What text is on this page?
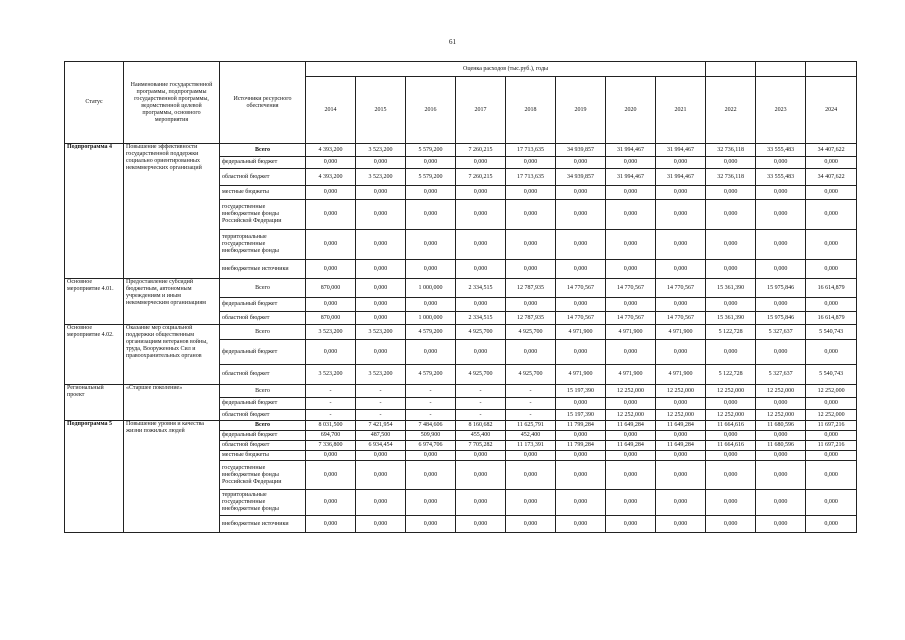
61
Статус	Наименование государственной программы, подпрограммы государственной программы, ведомственной целевой программы, основного мероприятия	Источники ресурсного обеспечения	Оценка расходов (тыс.руб.), годы										
			2014	2015	2016	2017	2018	2019	2020	2021	2022	2023	2024
Подпрограмма 4	Повышение эффективности государственной поддержки социально ориентированных некоммерческих организаций	Всего	4 393,200	3 523,200	5 579,200	7 260,215	17 713,635	34 939,857	31 994,467	31 994,467	32 736,118	33 555,483	34 407,622
		федеральный бюджет	0,000	0,000	0,000	0,000	0,000	0,000	0,000	0,000	0,000	0,000	0,000
		областной бюджет	4 393,200	3 523,200	5 579,200	7 260,215	17 713,635	34 939,857	31 994,467	31 994,467	32 736,118	33 555,483	34 407,622
		местные бюджеты	0,000	0,000	0,000	0,000	0,000	0,000	0,000	0,000	0,000	0,000	0,000
		государственные внебюджетные фонды Российской Федерации	0,000	0,000	0,000	0,000	0,000	0,000	0,000	0,000	0,000	0,000	0,000
		территориальные государственные внебюджетные фонды	0,000	0,000	0,000	0,000	0,000	0,000	0,000	0,000	0,000	0,000	0,000
		внебюджетные источники	0,000	0,000	0,000	0,000	0,000	0,000	0,000	0,000	0,000	0,000	0,000
Основное мероприятие 4.01.	Предоставление субсидий бюджетным, автономным учреждениям и иным некоммерческим организациям	Всего	870,000	0,000	1 000,000	2 334,515	12 787,935	14 770,567	14 770,567	14 770,567	15 361,390	15 975,846	16 614,879
		федеральный бюджет	0,000	0,000	0,000	0,000	0,000	0,000	0,000	0,000	0,000	0,000	0,000
		областной бюджет	870,000	0,000	1 000,000	2 334,515	12 787,935	14 770,567	14 770,567	14 770,567	15 361,390	15 975,846	16 614,879
Основное мероприятие 4.02.	Оказание мер социальной поддержки общественным организациям ветеранов войны, труда, Вооруженных Сил и правоохранительных органов	Всего	3 523,200	3 523,200	4 579,200	4 925,700	4 925,700	4 971,900	4 971,900	4 971,900	5 122,728	5 327,637	5 540,743
		федеральный бюджет	0,000	0,000	0,000	0,000	0,000	0,000	0,000	0,000	0,000	0,000	0,000
		областной бюджет	3 523,200	3 523,200	4 579,200	4 925,700	4 925,700	4 971,900	4 971,900	4 971,900	5 122,728	5 327,637	5 540,743
Региональный проект	«Старшее поколение»	Всего	-	-	-	-	-	15 197,390	12 252,000	12 252,000	12 252,000	12 252,000	12 252,000
		федеральный бюджет	-	-	-	-	-	0,000	0,000	0,000	0,000	0,000	0,000
		областной бюджет	-	-	-	-	-	15 197,390	12 252,000	12 252,000	12 252,000	12 252,000	12 252,000
Подпрограмма 5	Повышение уровня и качества жизни пожилых людей	Всего	8 031,500	7 421,954	7 484,606	8 160,682	11 625,791	11 799,284	11 649,284	11 649,284	11 664,616	11 680,596	11 697,216
		федеральный бюджет	694,700	487,500	509,900	455,400	452,400	0,000	0,000	0,000	0,000	0,000	0,000
		областной бюджет	7 336,800	6 934,454	6 974,706	7 705,282	11 173,391	11 799,284	11 649,284	11 649,284	11 664,616	11 680,596	11 697,216
		местные бюджеты	0,000	0,000	0,000	0,000	0,000	0,000	0,000	0,000	0,000	0,000	0,000
		государственные внебюджетные фонды Российской Федерации	0,000	0,000	0,000	0,000	0,000	0,000	0,000	0,000	0,000	0,000	0,000
		территориальные государственные внебюджетные фонды	0,000	0,000	0,000	0,000	0,000	0,000	0,000	0,000	0,000	0,000	0,000
		внебюджетные источники	0,000	0,000	0,000	0,000	0,000	0,000	0,000	0,000	0,000	0,000	0,000
